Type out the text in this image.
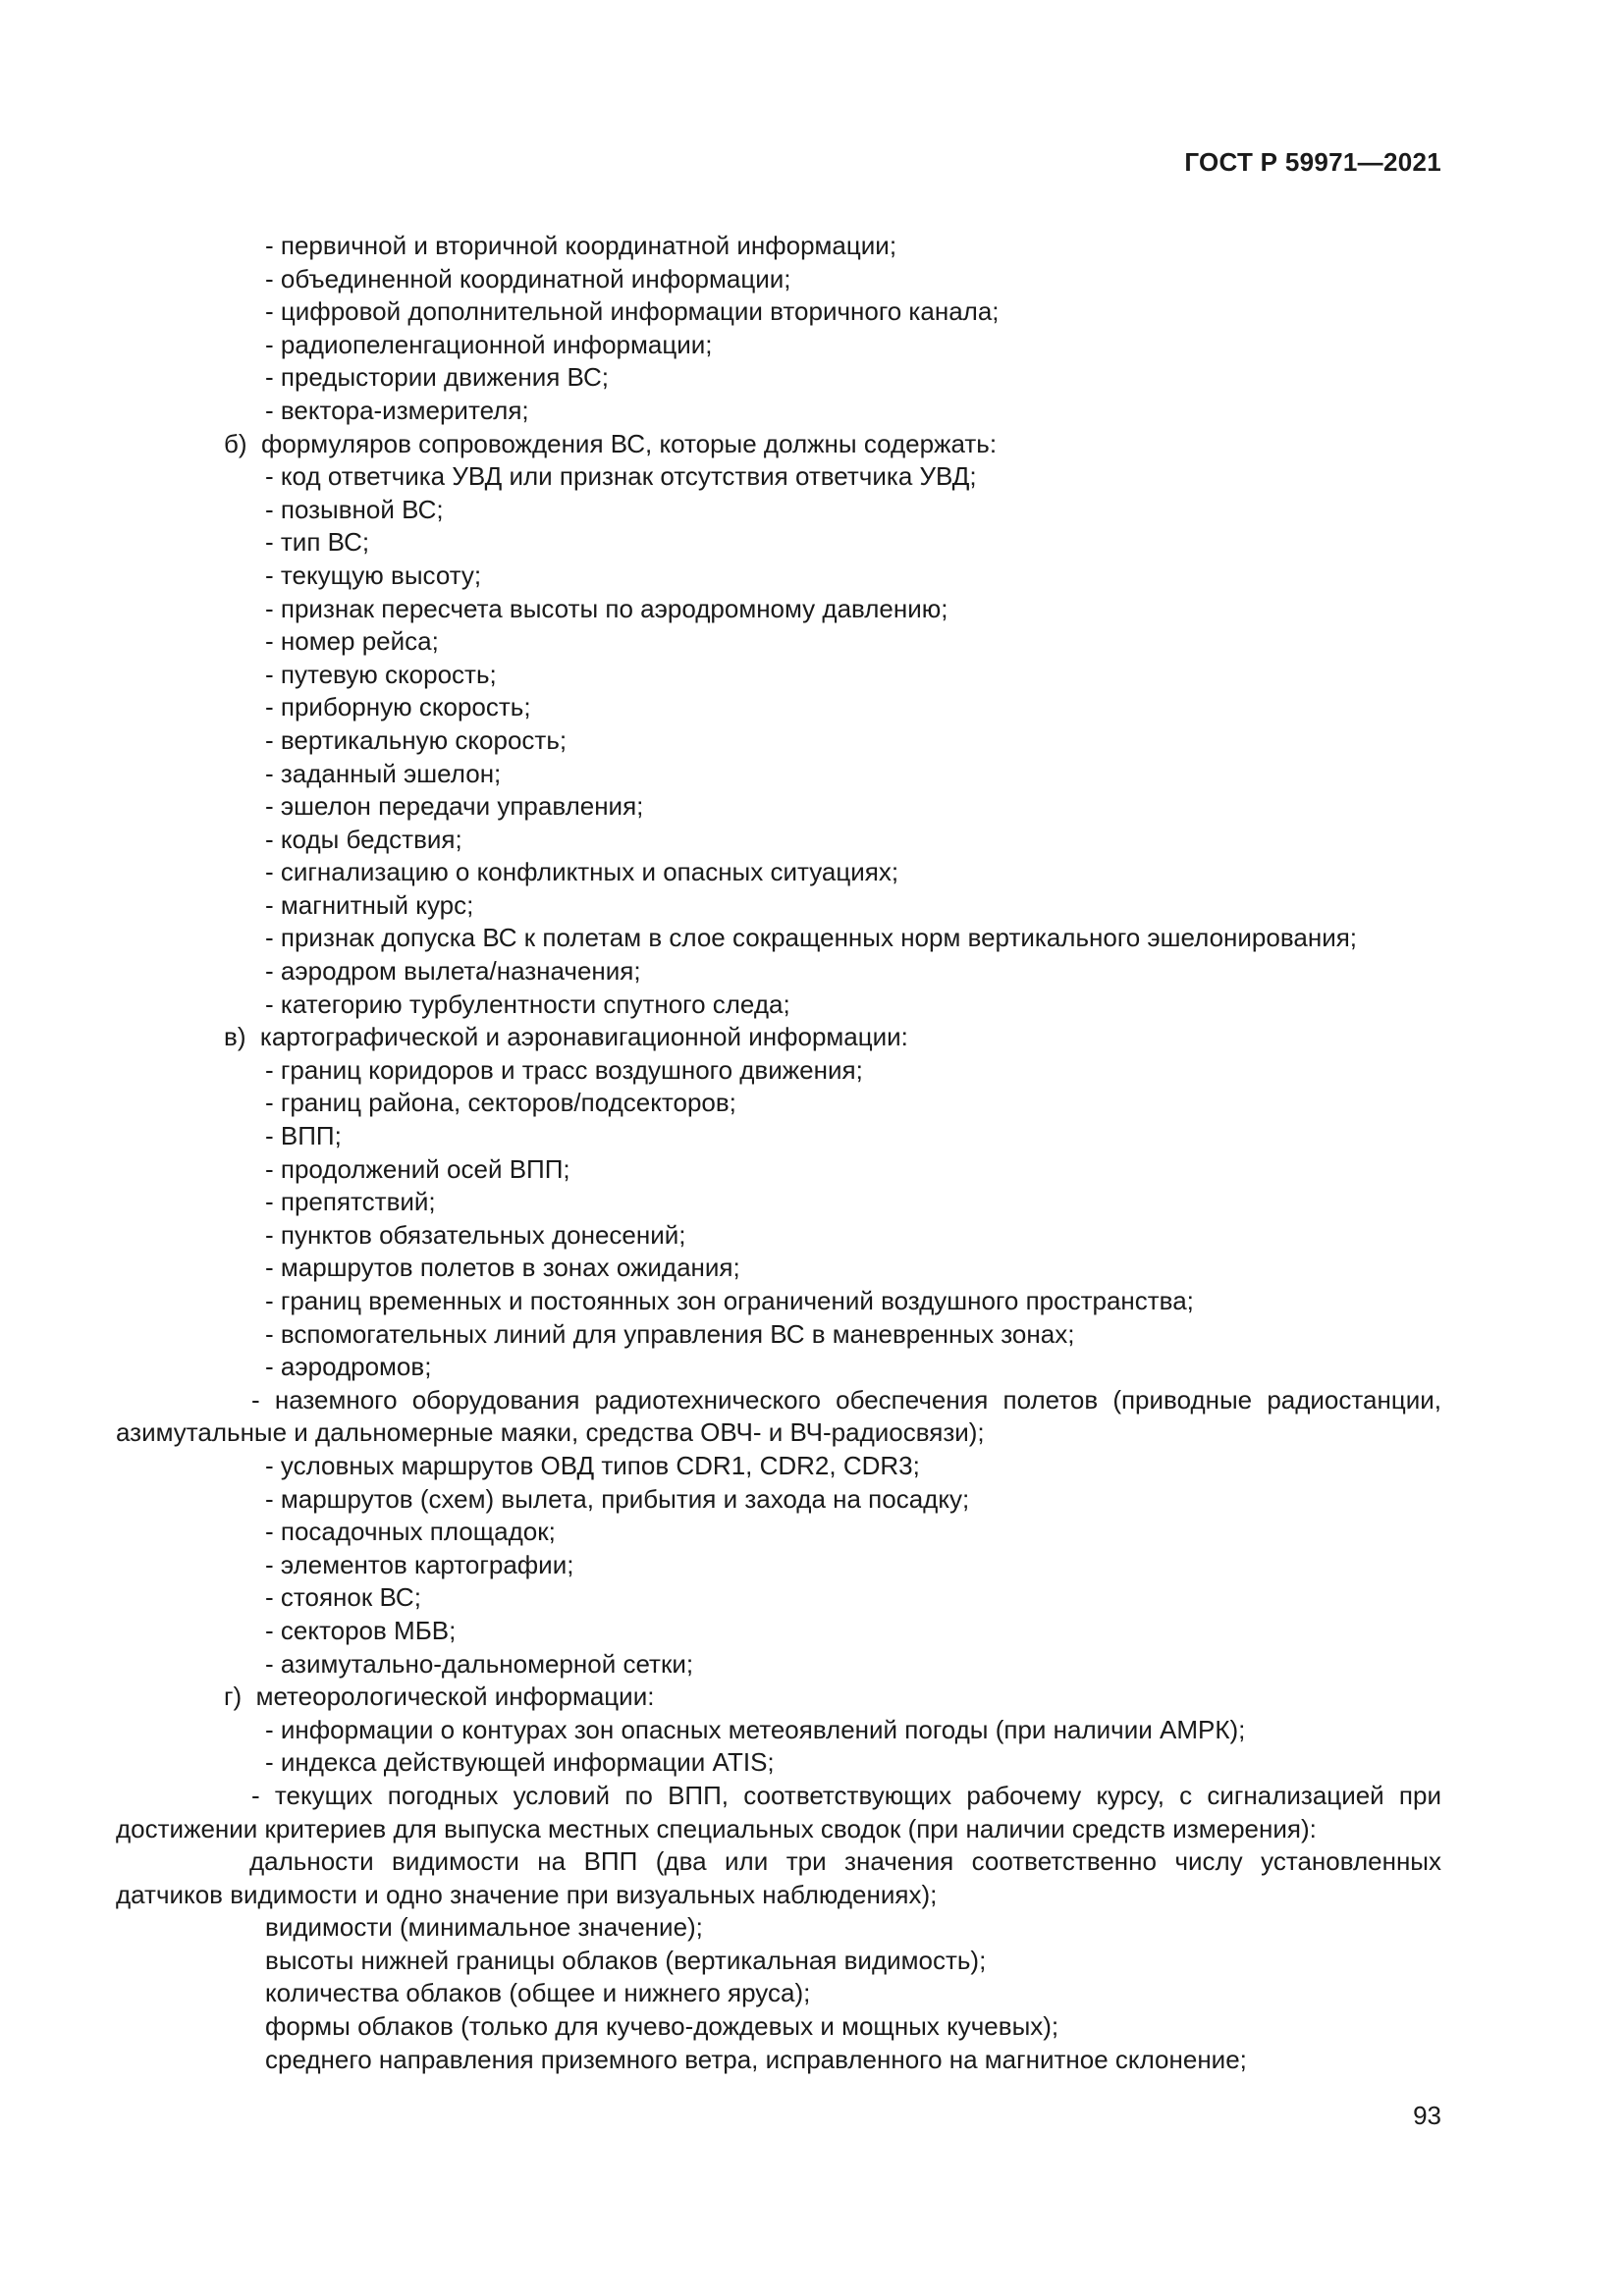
ГОСТ Р 59971—2021
- первичной и вторичной координатной информации;
- объединенной координатной информации;
- цифровой дополнительной информации вторичного канала;
- радиопеленгационной информации;
- предыстории движения ВС;
- вектора-измерителя;
б)  формуляров сопровождения ВС, которые должны содержать:
- код ответчика УВД или признак отсутствия ответчика УВД;
- позывной ВС;
- тип ВС;
- текущую высоту;
- признак пересчета высоты по аэродромному давлению;
- номер рейса;
- путевую скорость;
- приборную скорость;
- вертикальную скорость;
- заданный эшелон;
- эшелон передачи управления;
- коды бедствия;
- сигнализацию о конфликтных и опасных ситуациях;
- магнитный курс;
- признак допуска ВС к полетам в слое сокращенных норм вертикального эшелонирования;
- аэродром вылета/назначения;
- категорию турбулентности спутного следа;
в)  картографической и аэронавигационной информации:
- границ коридоров и трасс воздушного движения;
- границ района, секторов/подсекторов;
- ВПП;
- продолжений осей ВПП;
- препятствий;
- пунктов обязательных донесений;
- маршрутов полетов в зонах ожидания;
- границ временных и постоянных зон ограничений воздушного пространства;
- вспомогательных линий для управления ВС в маневренных зонах;
- аэродромов;
- наземного оборудования радиотехнического обеспечения полетов (приводные радиостанции, азимутальные и дальномерные маяки, средства ОВЧ- и ВЧ-радиосвязи);
- условных маршрутов ОВД типов CDR1, CDR2, CDR3;
- маршрутов (схем) вылета, прибытия и захода на посадку;
- посадочных площадок;
- элементов картографии;
- стоянок ВС;
- секторов МБВ;
- азимутально-дальномерной сетки;
г)  метеорологической информации:
- информации о контурах зон опасных метеоявлений погоды (при наличии АМРК);
- индекса действующей информации ATIS;
- текущих погодных условий по ВПП, соответствующих рабочему курсу, с сигнализацией при достижении критериев для выпуска местных специальных сводок (при наличии средств измерения):
дальности видимости на ВПП (два или три значения соответственно числу установленных датчиков видимости и одно значение при визуальных наблюдениях);
видимости (минимальное значение);
высоты нижней границы облаков (вертикальная видимость);
количества облаков (общее и нижнего яруса);
формы облаков (только для кучево-дождевых и мощных кучевых);
среднего направления приземного ветра, исправленного на магнитное склонение;
93
